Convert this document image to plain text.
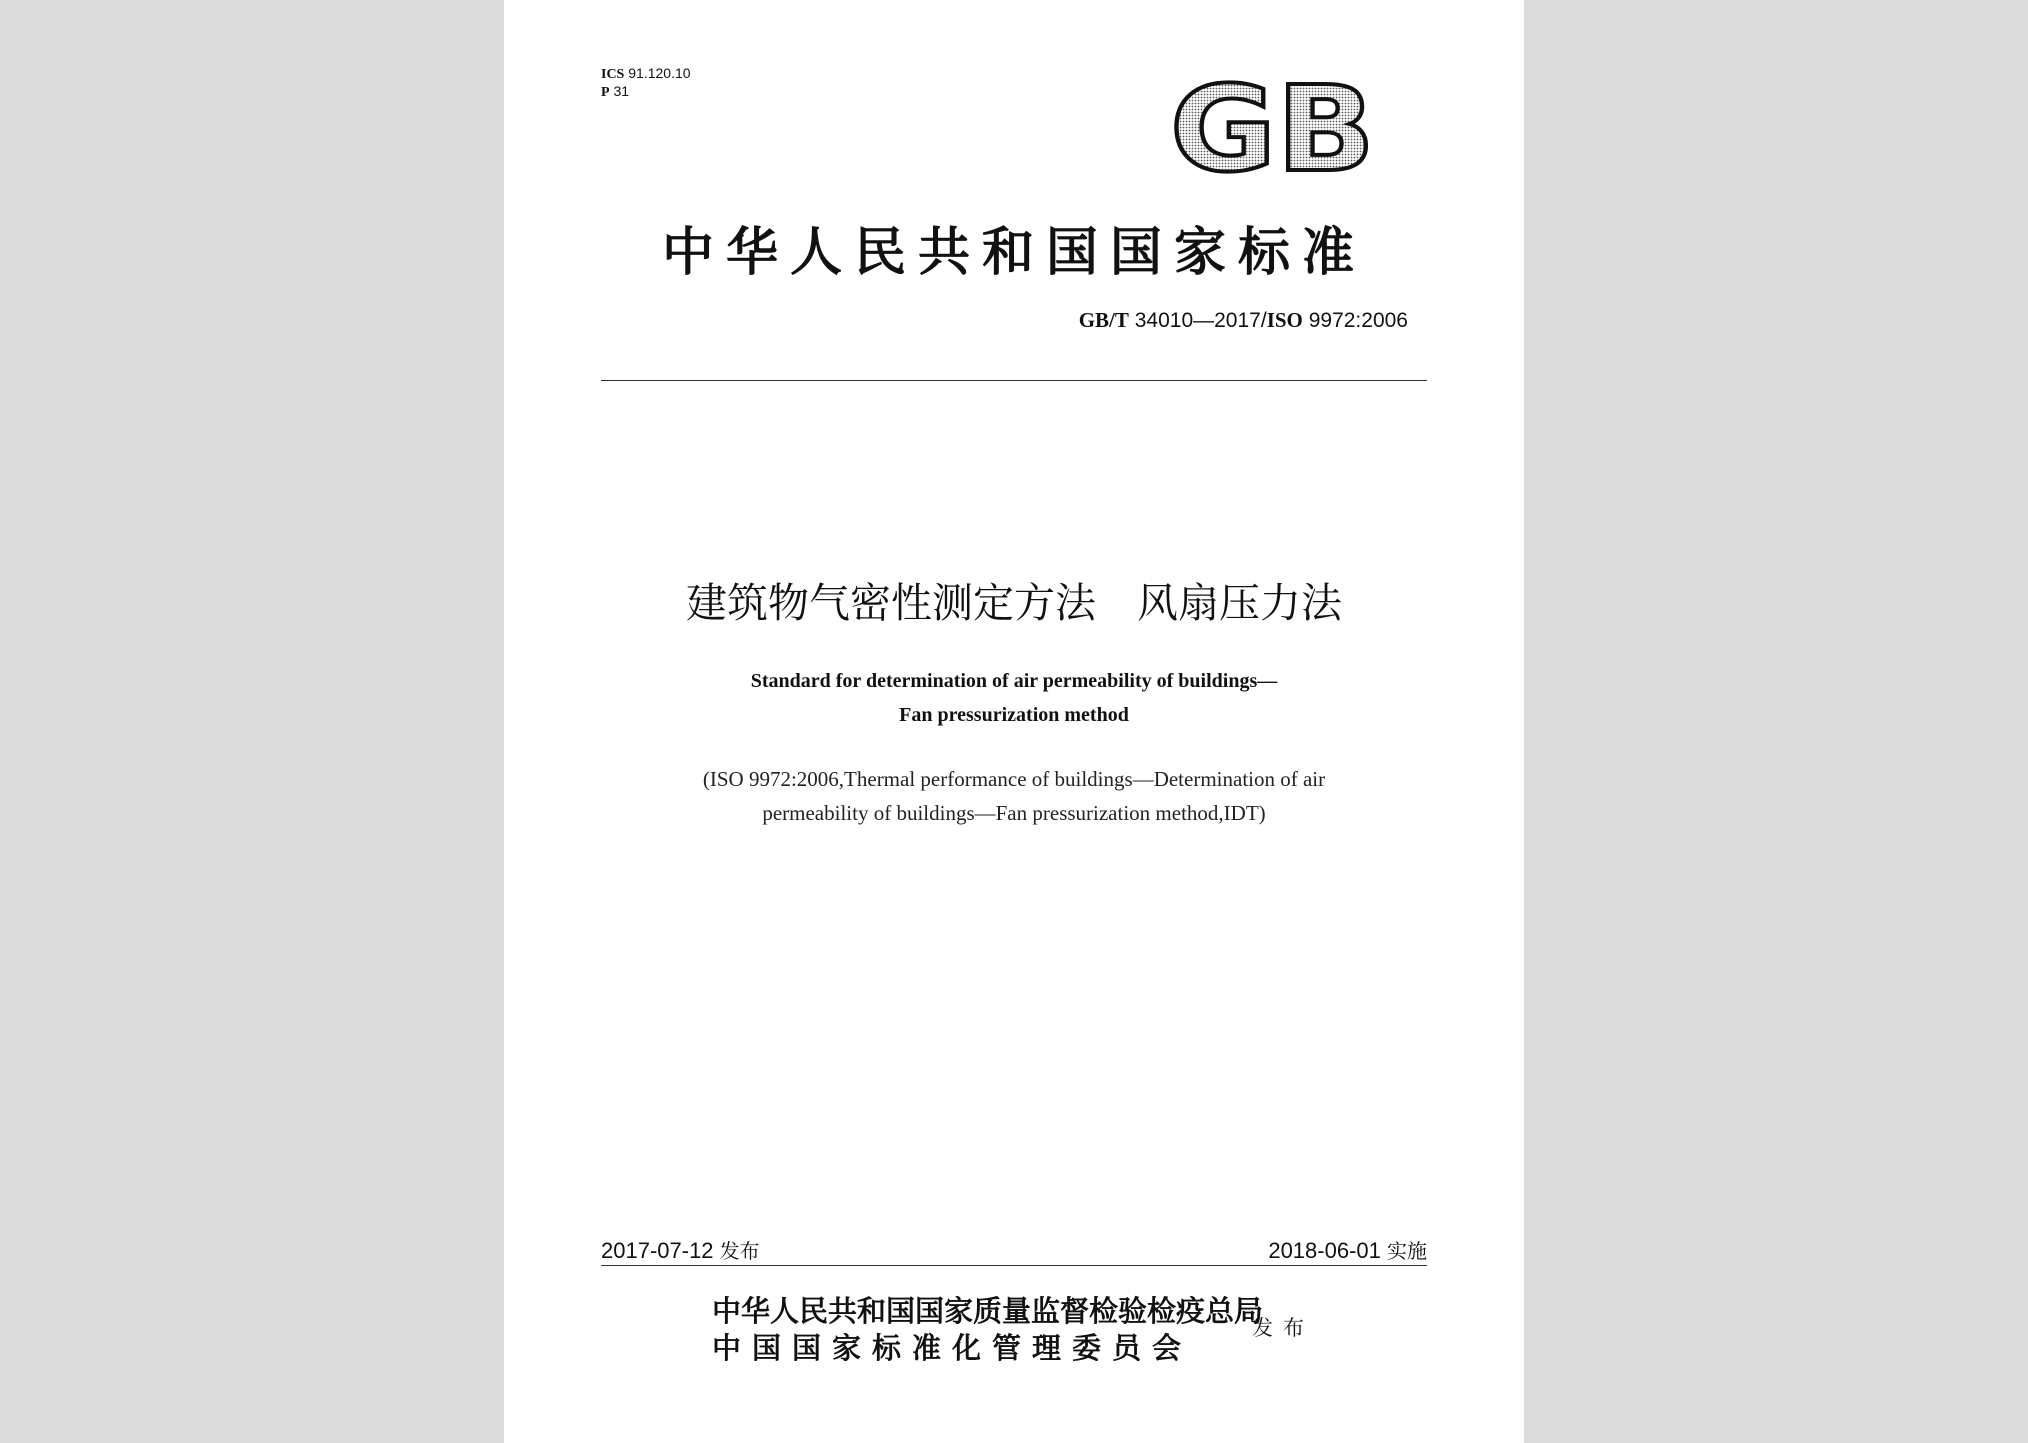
ICS 91.120.10
P 31	GB
中华人民共和国国家标准
GB/T 34010—2017/ISO 9972:2006
建筑物气密性测定方法　风扇压力法
Standard for determination of air permeability of buildings—
Fan pressurization method
(ISO 9972:2006,Thermal performance of buildings—Determination of air
permeability of buildings—Fan pressurization method,IDT)
2017-07-12 发布	2018-06-01 实施
中华人民共和国国家质量监督检验检疫总局
中国国家标准化管理委员会
发布
